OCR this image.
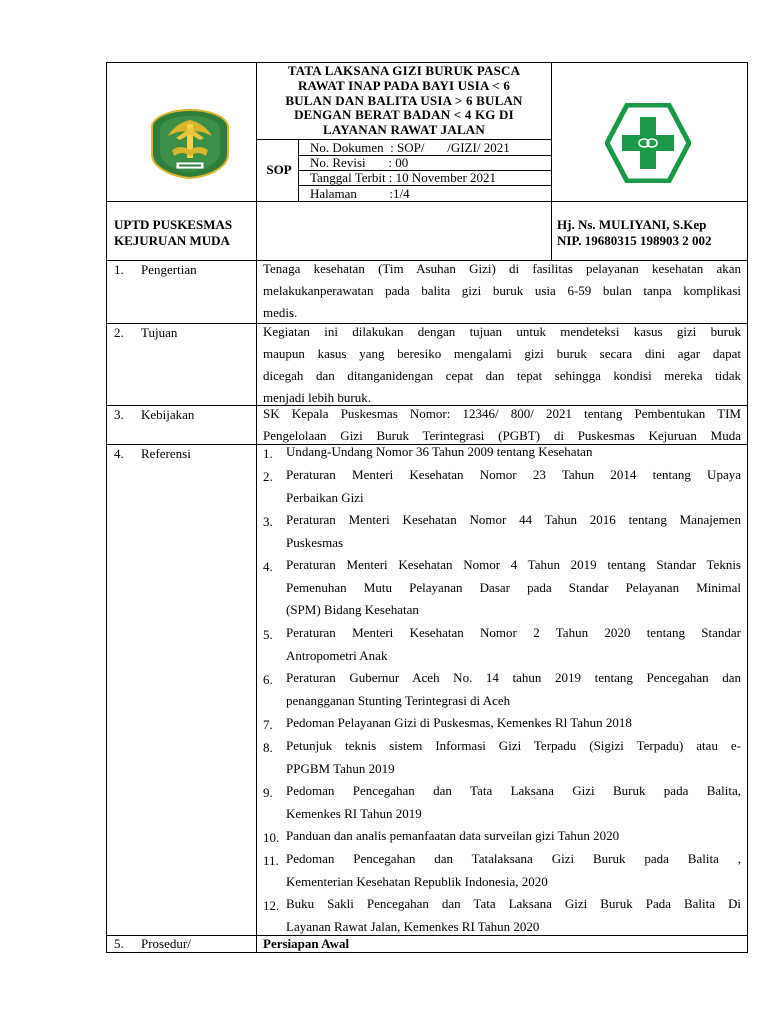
TATA LAKSANA GIZI BURUK PASCA
RAWAT INAP PADA BAYI USIA < 6
BULAN DAN BALITA USIA > 6 BULAN
DENGAN BERAT BADAN < 4 KG DI
LAYANAN RAWAT JALAN
SOP
No. Dokumen  : SOP/       /GIZI/ 2021
No. Revisi       : 00
Tanggal Terbit : 10 November 2021
Halaman          :1/4
UPTD PUSKESMAS
KEJURUAN MUDA
Hj. Ns. MULIYANI, S.Kep
NIP. 19680315 198903 2 002
1. Pengertian	Tenaga kesehatan (Tim Asuhan Gizi) di fasilitas pelayanan kesehatan akan
melakukanperawatan pada balita gizi buruk usia 6-59 bulan tanpa komplikasi
medis.
2. Tujuan	Kegiatan ini dilakukan dengan tujuan untuk mendeteksi kasus gizi buruk
maupun kasus yang beresiko mengalami gizi buruk secara dini agar dapat
dicegah dan ditanganidengan cepat dan tepat sehingga kondisi mereka tidak
menjadi lebih buruk.
3. Kebijakan	SK Kepala Puskesmas Nomor: 12346/ 800/ 2021 tentang Pembentukan TIM
Pengelolaan Gizi Buruk Terintegrasi (PGBT) di Puskesmas Kejuruan Muda
4. Referensi	1. Undang-Undang Nomor 36 Tahun 2009 tentang Kesehatan
2. Peraturan Menteri Kesehatan Nomor 23 Tahun 2014 tentang Upaya
Perbaikan Gizi
3. Peraturan Menteri Kesehatan Nomor 44 Tahun 2016 tentang Manajemen
Puskesmas
4. Peraturan Menteri Kesehatan Nomor 4 Tahun 2019 tentang Standar Teknis
Pemenuhan Mutu Pelayanan Dasar pada Standar Pelayanan Minimal
(SPM) Bidang Kesehatan
5. Peraturan Menteri Kesehatan Nomor 2 Tahun 2020 tentang Standar
Antropometri Anak
6. Peraturan Gubernur Aceh No. 14 tahun 2019 tentang Pencegahan dan
penangganan Stunting Terintegrasi di Aceh
7. Pedoman Pelayanan Gizi di Puskesmas, Kemenkes Rl Tahun 2018
8. Petunjuk teknis sistem Informasi Gizi Terpadu (Sigizi Terpadu) atau e-
PPGBM Tahun 2019
9. Pedoman Pencegahan dan Tata Laksana Gizi Buruk pada Balita,
Kemenkes RI Tahun 2019
10. Panduan dan analis pemanfaatan data surveilan gizi Tahun 2020
11. Pedoman Pencegahan dan Tatalaksana Gizi Buruk pada Balita ,
Kementerian Kesehatan Republik Indonesia, 2020
12. Buku Sakli Pencegahan dan Tata Laksana Gizi Buruk Pada Balita Di
Layanan Rawat Jalan, Kemenkes RI Tahun 2020
5. Prosedur/	Persiapan Awal
